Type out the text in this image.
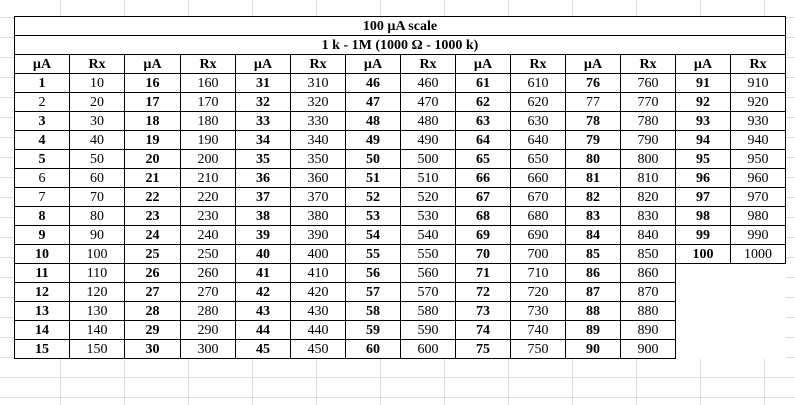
100 µA scale													
1 k - 1M (1000 Ω - 1000 k)													
µA	Rx	µA	Rx	µA	Rx	µA	Rx	µA	Rx	µA	Rx	µA	Rx
1	10	16	160	31	310	46	460	61	610	76	760	91	910
2	20	17	170	32	320	47	470	62	620	77	770	92	920
3	30	18	180	33	330	48	480	63	630	78	780	93	930
4	40	19	190	34	340	49	490	64	640	79	790	94	940
5	50	20	200	35	350	50	500	65	650	80	800	95	950
6	60	21	210	36	360	51	510	66	660	81	810	96	960
7	70	22	220	37	370	52	520	67	670	82	820	97	970
8	80	23	230	38	380	53	530	68	680	83	830	98	980
9	90	24	240	39	390	54	540	69	690	84	840	99	990
10	100	25	250	40	400	55	550	70	700	85	850	100	1000
11	110	26	260	41	410	56	560	71	710	86	860		
12	120	27	270	42	420	57	570	72	720	87	870		
13	130	28	280	43	430	58	580	73	730	88	880		
14	140	29	290	44	440	59	590	74	740	89	890		
15	150	30	300	45	450	60	600	75	750	90	900		
